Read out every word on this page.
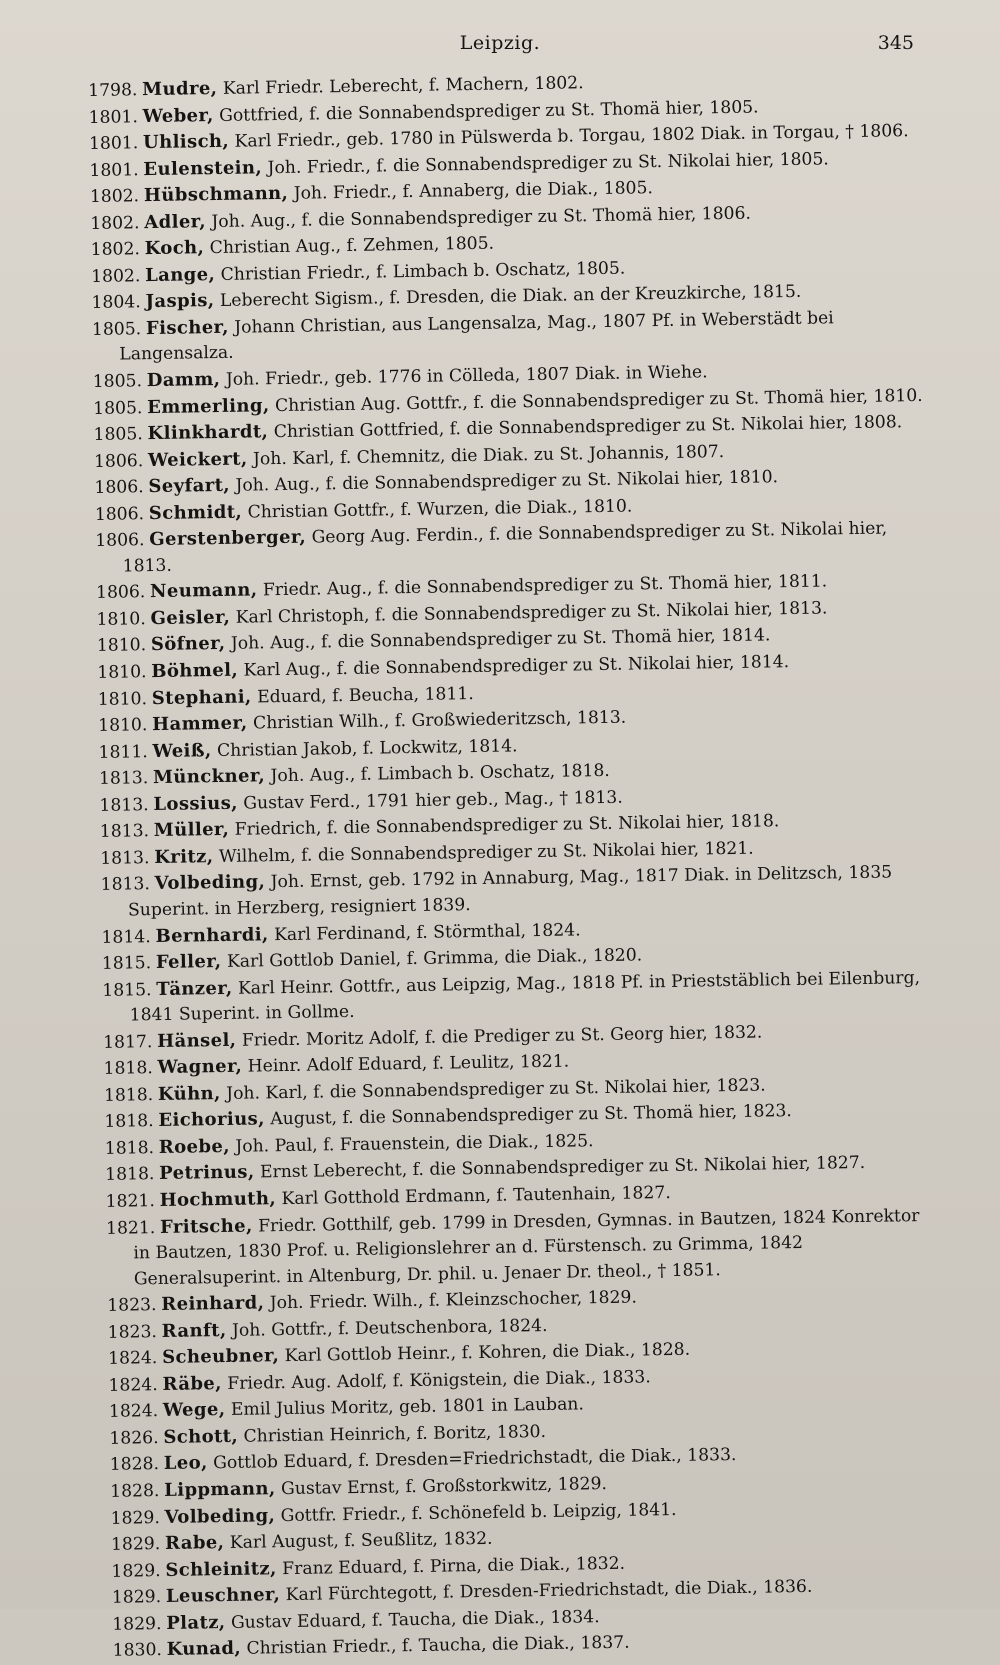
Leipzig.	345
1798. Mudre, Karl Friedr. Leberecht, f. Machern, 1802.
1801. Weber, Gottfried, f. die Sonnabendsprediger zu St. Thomä hier, 1805.
1801. Uhlisch, Karl Friedr., geb. 1780 in Pülswerda b. Torgau, 1802 Diak. in Torgau, † 1806.
1801. Eulenstein, Joh. Friedr., f. die Sonnabendsprediger zu St. Nikolai hier, 1805.
1802. Hübschmann, Joh. Friedr., f. Annaberg, die Diak., 1805.
1802. Adler, Joh. Aug., f. die Sonnabendsprediger zu St. Thomä hier, 1806.
1802. Koch, Christian Aug., f. Zehmen, 1805.
1802. Lange, Christian Friedr., f. Limbach b. Oschatz, 1805.
1804. Jaspis, Leberecht Sigism., f. Dresden, die Diak. an der Kreuzkirche, 1815.
1805. Fischer, Johann Christian, aus Langensalza, Mag., 1807 Pf. in Weberstädt bei Langensalza.
1805. Damm, Joh. Friedr., geb. 1776 in Cölleda, 1807 Diak. in Wiehe.
1805. Emmerling, Christian Aug. Gottfr., f. die Sonnabendsprediger zu St. Thomä hier, 1810.
1805. Klinkhardt, Christian Gottfried, f. die Sonnabendsprediger zu St. Nikolai hier, 1808.
1806. Weickert, Joh. Karl, f. Chemnitz, die Diak. zu St. Johannis, 1807.
1806. Seyfart, Joh. Aug., f. die Sonnabendsprediger zu St. Nikolai hier, 1810.
1806. Schmidt, Christian Gottfr., f. Wurzen, die Diak., 1810.
1806. Gerstenberger, Georg Aug. Ferdin., f. die Sonnabendsprediger zu St. Nikolai hier, 1813.
1806. Neumann, Friedr. Aug., f. die Sonnabendsprediger zu St. Thomä hier, 1811.
1810. Geisler, Karl Christoph, f. die Sonnabendsprediger zu St. Nikolai hier, 1813.
1810. Söfner, Joh. Aug., f. die Sonnabendsprediger zu St. Thomä hier, 1814.
1810. Böhmel, Karl Aug., f. die Sonnabendsprediger zu St. Nikolai hier, 1814.
1810. Stephani, Eduard, f. Beucha, 1811.
1810. Hammer, Christian Wilh., f. Großwiederitzsch, 1813.
1811. Weiß, Christian Jakob, f. Lockwitz, 1814.
1813. Münckner, Joh. Aug., f. Limbach b. Oschatz, 1818.
1813. Lossius, Gustav Ferd., 1791 hier geb., Mag., † 1813.
1813. Müller, Friedrich, f. die Sonnabendsprediger zu St. Nikolai hier, 1818.
1813. Kritz, Wilhelm, f. die Sonnabendsprediger zu St. Nikolai hier, 1821.
1813. Volbeding, Joh. Ernst, geb. 1792 in Annaburg, Mag., 1817 Diak. in Delitzsch, 1835 Superint. in Herzberg, resigniert 1839.
1814. Bernhardi, Karl Ferdinand, f. Störmthal, 1824.
1815. Feller, Karl Gottlob Daniel, f. Grimma, die Diak., 1820.
1815. Tänzer, Karl Heinr. Gottfr., aus Leipzig, Mag., 1818 Pf. in Prieststäblich bei Eilenburg, 1841 Superint. in Gollme.
1817. Hänsel, Friedr. Moritz Adolf, f. die Prediger zu St. Georg hier, 1832.
1818. Wagner, Heinr. Adolf Eduard, f. Leulitz, 1821.
1818. Kühn, Joh. Karl, f. die Sonnabendsprediger zu St. Nikolai hier, 1823.
1818. Eichorius, August, f. die Sonnabendsprediger zu St. Thomä hier, 1823.
1818. Roebe, Joh. Paul, f. Frauenstein, die Diak., 1825.
1818. Petrinus, Ernst Leberecht, f. die Sonnabendsprediger zu St. Nikolai hier, 1827.
1821. Hochmuth, Karl Gotthold Erdmann, f. Tautenhain, 1827.
1821. Fritsche, Friedr. Gotthilf, geb. 1799 in Dresden, Gymnas. in Bautzen, 1824 Konrektor in Bautzen, 1830 Prof. u. Religionslehrer an d. Fürstensch. zu Grimma, 1842 Generalsuperint. in Altenburg, Dr. phil. u. Jenaer Dr. theol., † 1851.
1823. Reinhard, Joh. Friedr. Wilh., f. Kleinzschocher, 1829.
1823. Ranft, Joh. Gottfr., f. Deutschenbora, 1824.
1824. Scheubner, Karl Gottlob Heinr., f. Kohren, die Diak., 1828.
1824. Räbe, Friedr. Aug. Adolf, f. Königstein, die Diak., 1833.
1824. Wege, Emil Julius Moritz, geb. 1801 in Lauban.
1826. Schott, Christian Heinrich, f. Boritz, 1830.
1828. Leo, Gottlob Eduard, f. Dresden=Friedrichstadt, die Diak., 1833.
1828. Lippmann, Gustav Ernst, f. Großstorkwitz, 1829.
1829. Volbeding, Gottfr. Friedr., f. Schönefeld b. Leipzig, 1841.
1829. Rabe, Karl August, f. Seußlitz, 1832.
1829. Schleinitz, Franz Eduard, f. Pirna, die Diak., 1832.
1829. Leuschner, Karl Fürchtegott, f. Dresden-Friedrichstadt, die Diak., 1836.
1829. Platz, Gustav Eduard, f. Taucha, die Diak., 1834.
1830. Kunad, Christian Friedr., f. Taucha, die Diak., 1837.
